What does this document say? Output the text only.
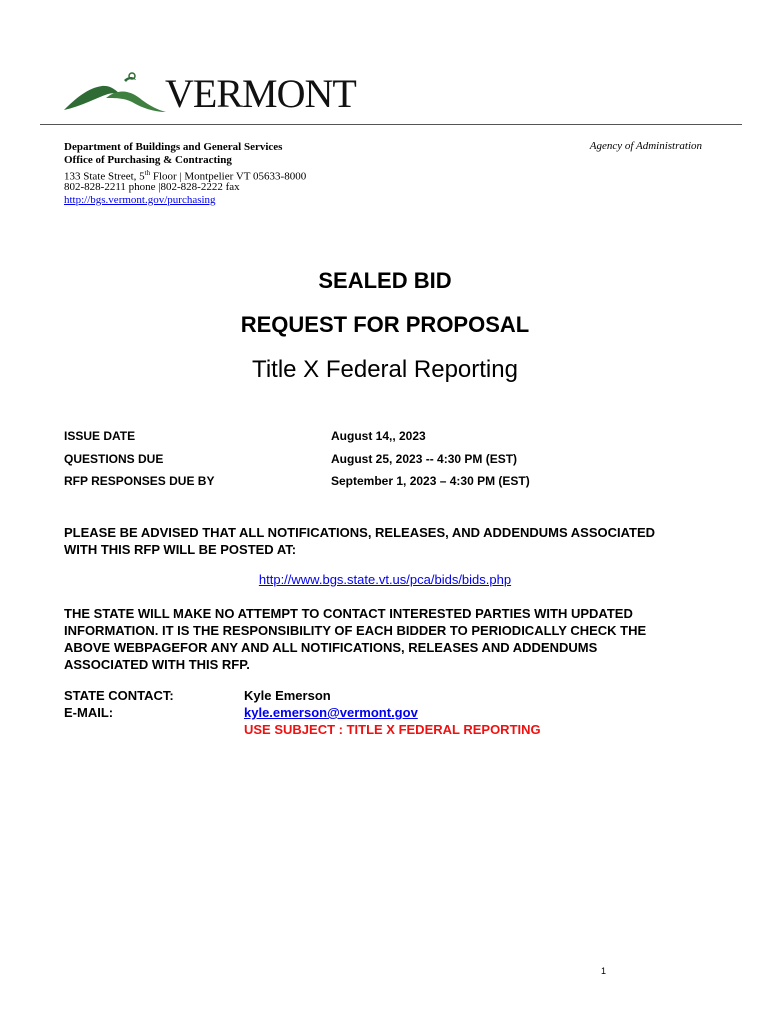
VERMONT
Department of Buildings and General Services
Office of Purchasing & Contracting
133 State Street, 5th Floor | Montpelier VT 05633-8000
802-828-2211 phone |802-828-2222 fax
http://bgs.vermont.gov/purchasing
Agency of Administration
SEALED BID
REQUEST FOR PROPOSAL
Title X Federal Reporting
ISSUE DATE	August 14,, 2023
QUESTIONS DUE	August 25, 2023 -- 4:30 PM (EST)
RFP RESPONSES DUE BY	September 1, 2023 – 4:30 PM (EST)
PLEASE BE ADVISED THAT ALL NOTIFICATIONS, RELEASES, AND ADDENDUMS ASSOCIATED
WITH THIS RFP WILL BE POSTED AT:
http://www.bgs.state.vt.us/pca/bids/bids.php
THE STATE WILL MAKE NO ATTEMPT TO CONTACT INTERESTED PARTIES WITH UPDATED
INFORMATION. IT IS THE RESPONSIBILITY OF EACH BIDDER TO PERIODICALLY CHECK THE
ABOVE WEBPAGEFOR ANY AND ALL NOTIFICATIONS, RELEASES AND ADDENDUMS
ASSOCIATED WITH THIS RFP.
STATE CONTACT:	Kyle Emerson
E-MAIL:	kyle.emerson@vermont.gov
USE SUBJECT : TITLE X FEDERAL REPORTING
1
